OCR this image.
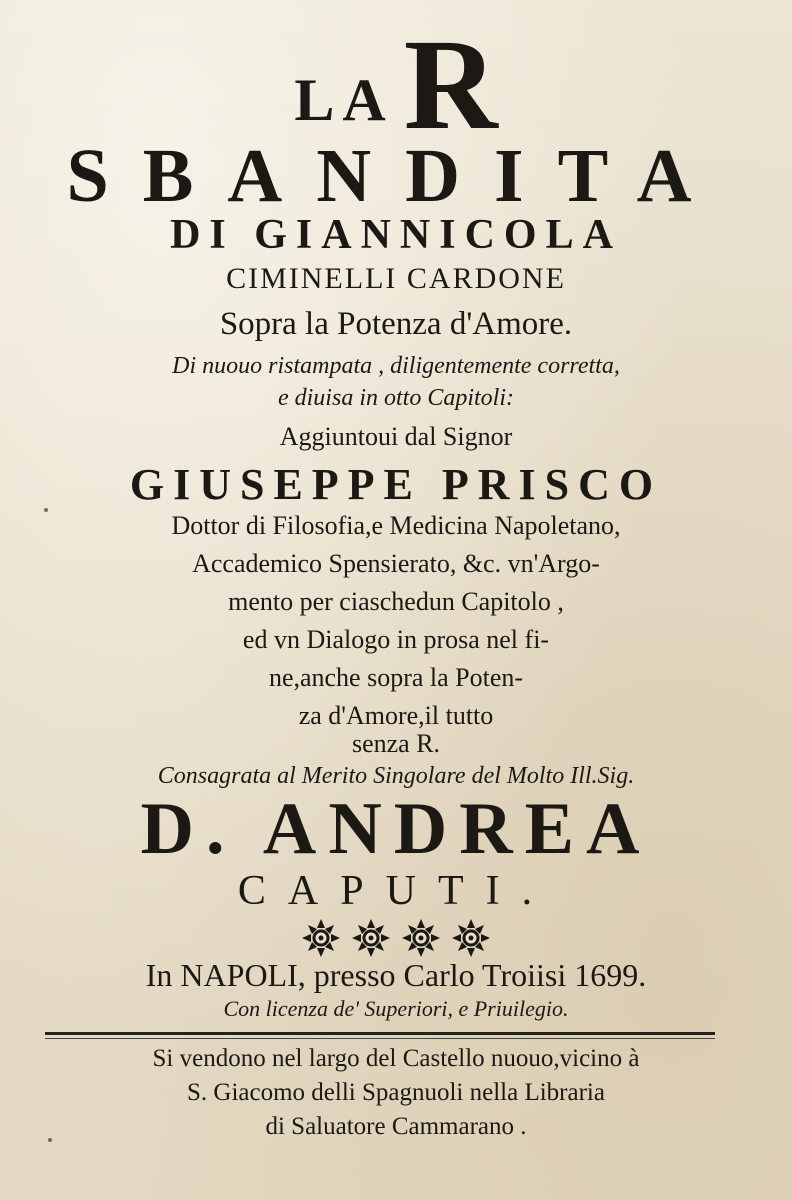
LAR

SBANDITA

DI GIANNICOLA

CIMINELLI CARDONE

Sopra la Potenza d'Amore.

Di nuouo ristampata , diligentemente corretta,

e diuisa in otto Capitoli:

Aggiuntoui dal Signor

GIUSEPPE PRISCO

Dottor di Filosofia,e Medicina Napoletano,

Accademico Spensierato, &c. vn'Argo-

mento per ciaschedun Capitolo ,

ed vn Dialogo in prosa nel fi-

ne,anche sopra la Poten-

za d'Amore,il tutto

senza R.

Consagrata al Merito Singolare del Molto Ill.Sig.

D. ANDREA

CAPUTI.

In NAPOLI, presso Carlo Troiisi 1699.

Con licenza de' Superiori, e Priuilegio.

Si vendono nel largo del Castello nuouo,vicino à

S. Giacomo delli Spagnuoli nella Libraria

di Saluatore Cammarano .
